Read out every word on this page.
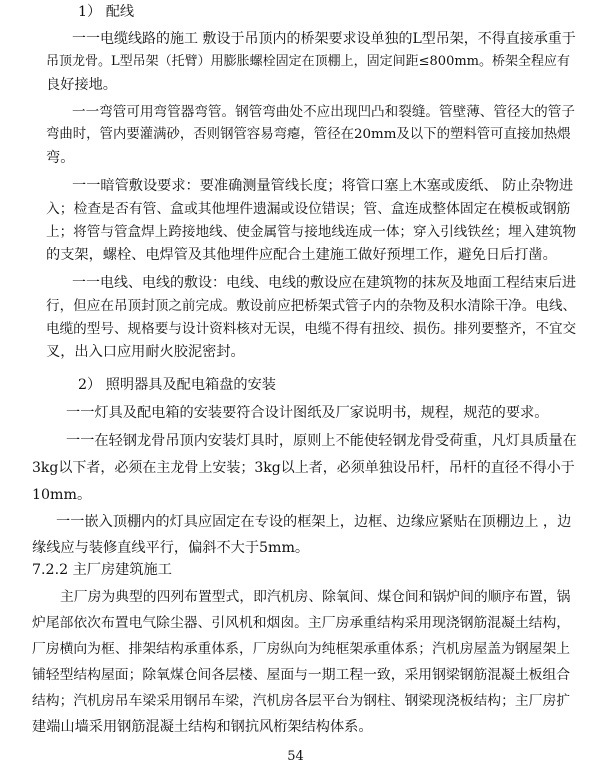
1） 配线
一一电缆线路的施工 敷设于吊顶内的桥架要求设单独的L型吊架，不得直接承重于
吊顶龙骨。L型吊架（托臂）用膨胀螺栓固定在顶棚上，固定间距≤800mm。桥架全程应有
良好接地。
一一弯管可用弯管器弯管。钢管弯曲处不应出现凹凸和裂缝。管壁薄、管径大的管子
弯曲时，管内要灌满砂，否则钢管容易弯瘪，管径在20mm及以下的塑料管可直接加热煨
弯。
一一暗管敷设要求：要准确测量管线长度；将管口塞上木塞或废纸、 防止杂物进
入；检查是否有管、盒或其他埋件遗漏或设位错误；管、盒连成整体固定在模板或钢筋
上；将管与管盒焊上跨接地线、使金属管与接地线连成一体；穿入引线铁丝；埋入建筑物
的支架，螺栓、电焊管及其他埋件应配合土建施工做好预埋工作，避免日后打凿。
一一电线、电线的敷设：电线、电线的敷设应在建筑物的抹灰及地面工程结束后进
行，但应在吊顶封顶之前完成。敷设前应把桥架式管子内的杂物及积水清除干净。电线、
电缆的型号、规格要与设计资料核对无误，电缆不得有扭绞、损伤。排列要整齐，不宜交
叉，出入口应用耐火胶泥密封。
2） 照明器具及配电箱盘的安装
一一灯具及配电箱的安装要符合设计图纸及厂家说明书，规程，规范的要求。
一一在轻钢龙骨吊顶内安装灯具时，原则上不能使轻钢龙骨受荷重，凡灯具质量在
3kg以下者，必须在主龙骨上安装；3kg以上者，必须单独设吊杆，吊杆的直径不得小于
10mm。
一一嵌入顶棚内的灯具应固定在专设的框架上，边框、边缘应紧贴在顶棚边上 ，边
缘线应与装修直线平行，偏斜不大于5mm。
7.2.2 主厂房建筑施工
主厂房为典型的四列布置型式，即汽机房、除氧间、煤仓间和锅炉间的顺序布置，锅
炉尾部依次布置电气除尘器、引风机和烟囱。主厂房承重结构采用现浇钢筋混凝土结构，
厂房横向为框、排架结构承重体系，厂房纵向为纯框架承重体系；汽机房屋盖为钢屋架上
铺轻型结构屋面；除氧煤仓间各层楼、屋面与一期工程一致，采用钢梁钢筋混凝土板组合
结构；汽机房吊车梁采用钢吊车梁，汽机房各层平台为钢柱、钢梁现浇板结构；主厂房扩
建端山墙采用钢筋混凝土结构和钢抗风桁架结构体系。
54
